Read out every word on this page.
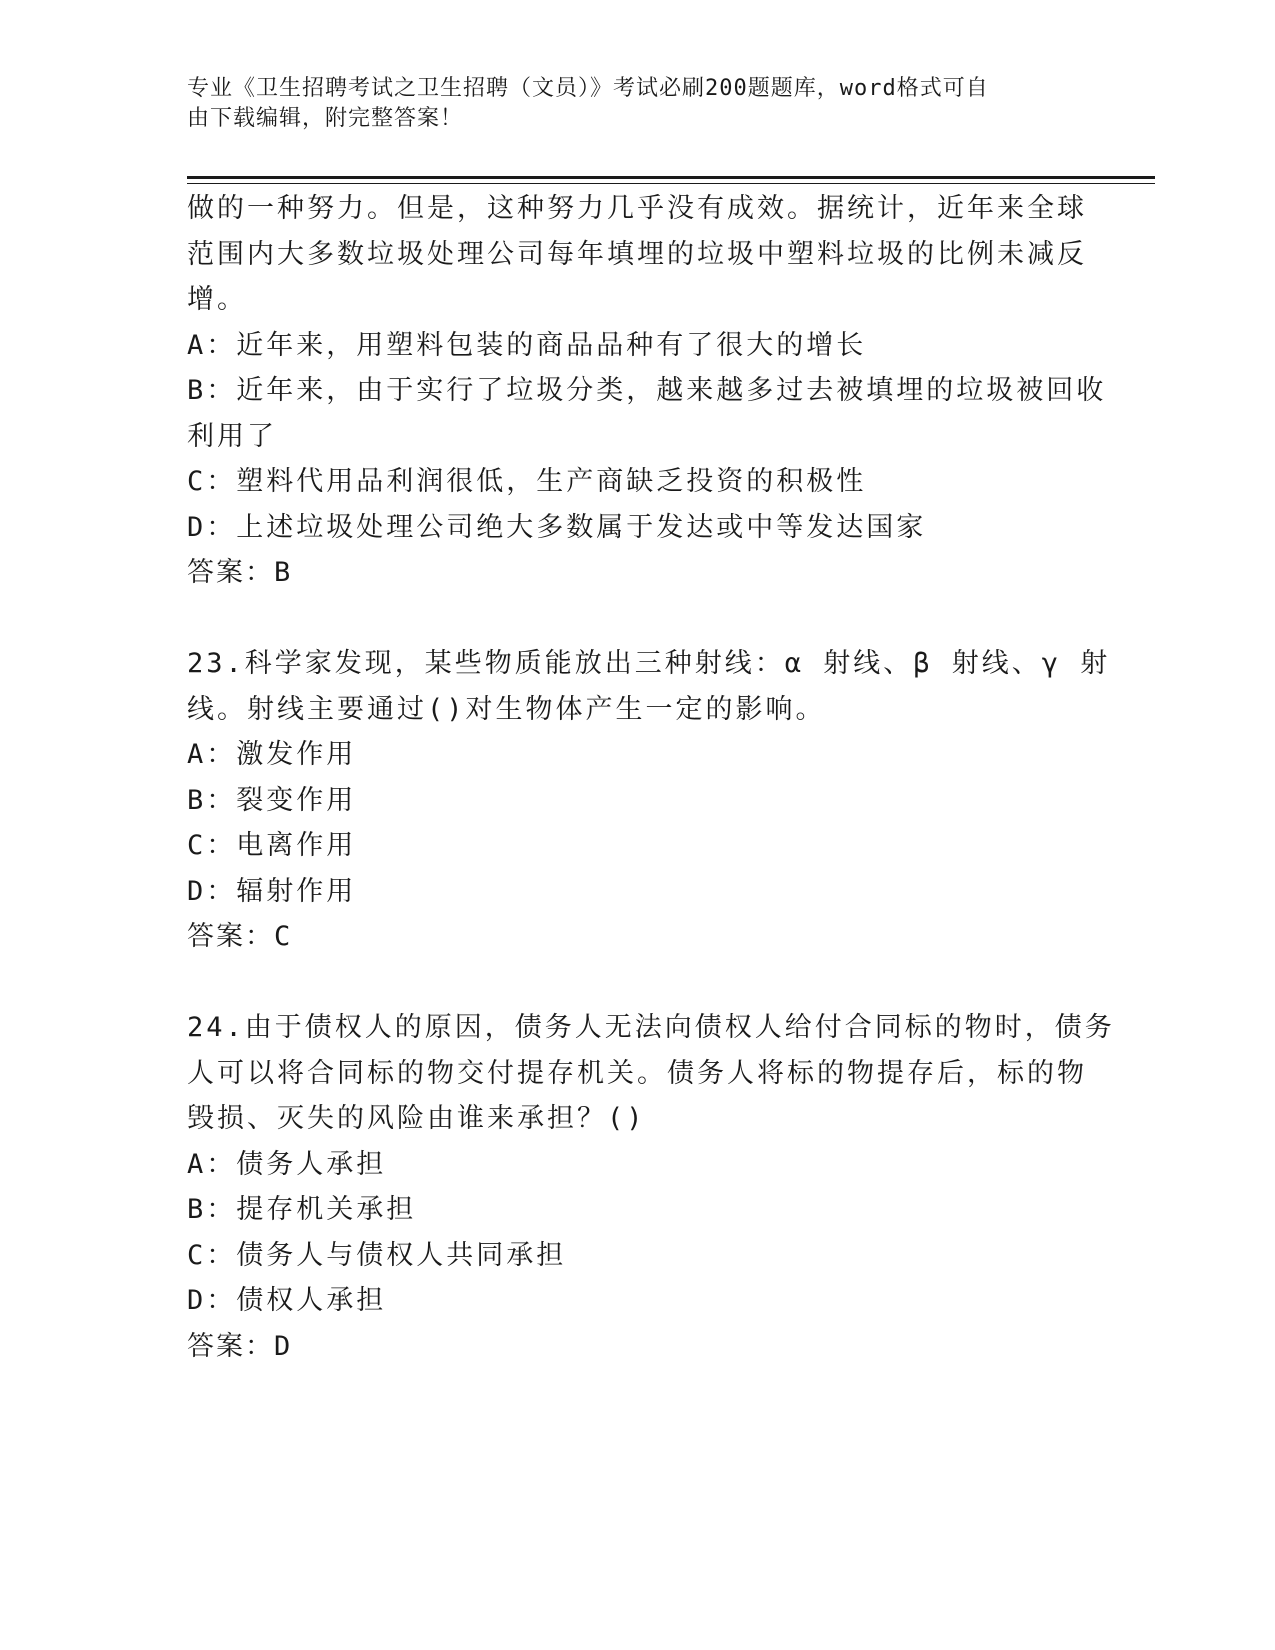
专业《卫生招聘考试之卫生招聘（文员）》考试必刷200题题库，word格式可自
由下载编辑，附完整答案！
做的一种努力。但是，这种努力几乎没有成效。据统计，近年来全球
范围内大多数垃圾处理公司每年填埋的垃圾中塑料垃圾的比例未减反
增。
A：近年来，用塑料包装的商品品种有了很大的增长
B：近年来，由于实行了垃圾分类，越来越多过去被填埋的垃圾被回收
利用了
C：塑料代用品利润很低，生产商缺乏投资的积极性
D：上述垃圾处理公司绝大多数属于发达或中等发达国家
答案：B
23.科学家发现，某些物质能放出三种射线：α 射线、β 射线、γ 射
线。射线主要通过()对生物体产生一定的影响。
A：激发作用
B：裂变作用
C：电离作用
D：辐射作用
答案：C
24.由于债权人的原因，债务人无法向债权人给付合同标的物时，债务
人可以将合同标的物交付提存机关。债务人将标的物提存后，标的物
毁损、灭失的风险由谁来承担？()
A：债务人承担
B：提存机关承担
C：债务人与债权人共同承担
D：债权人承担
答案：D
